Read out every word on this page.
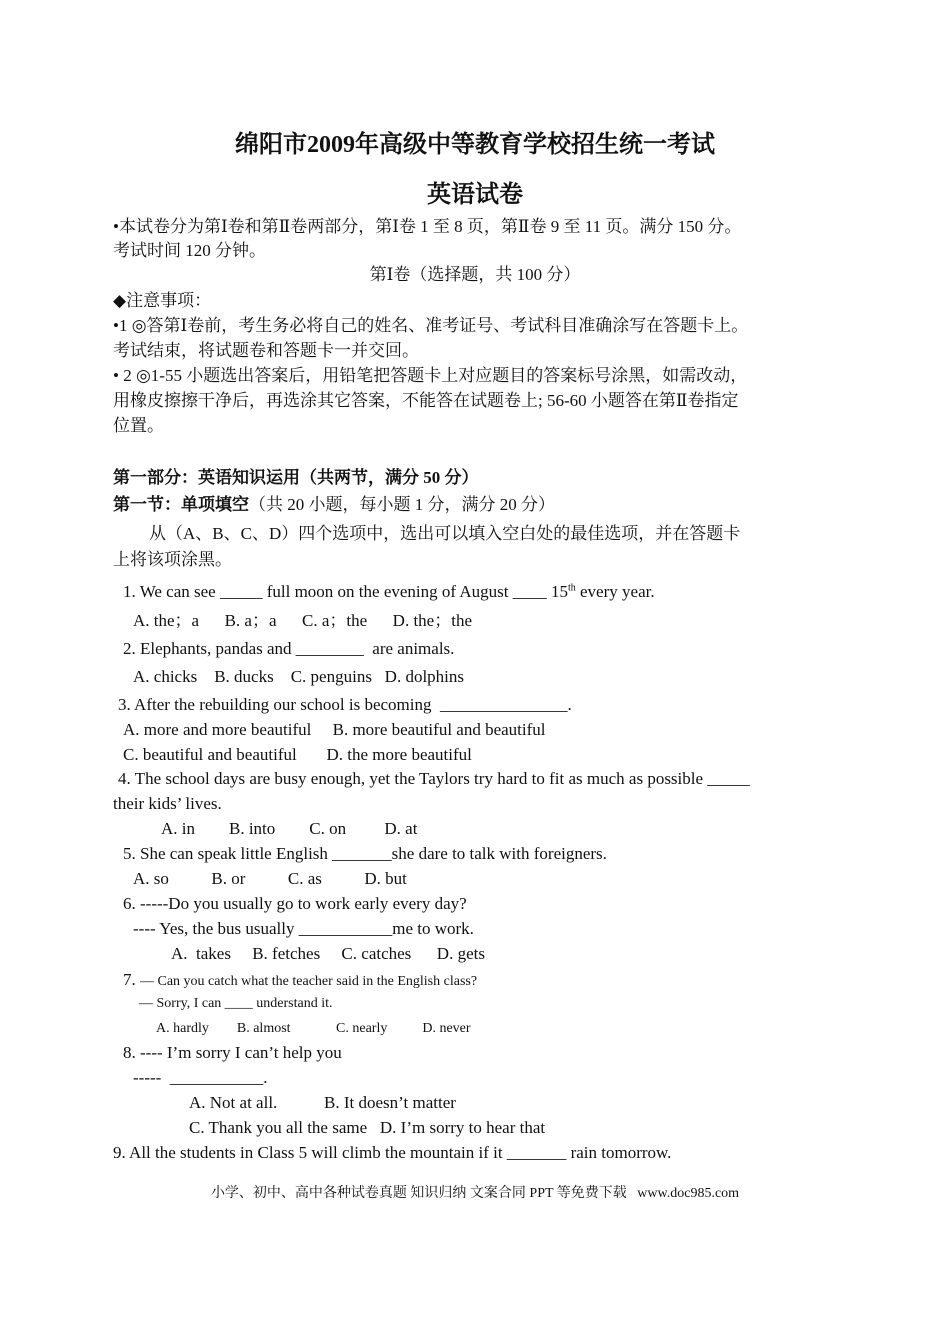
绵阳市2009年高级中等教育学校招生统一考试
英语试卷
•本试卷分为第Ⅰ卷和第Ⅱ卷两部分，第Ⅰ卷 1 至 8 页，第Ⅱ卷 9 至 11 页。满分 150 分。
考试时间 120 分钟。
第Ⅰ卷（选择题，共 100 分）
◆注意事项：
•1 ◎答第Ⅰ卷前，考生务必将自己的姓名、准考证号、考试科目准确涂写在答题卡上。
考试结束，将试题卷和答题卡一并交回。
• 2 ◎1-55 小题选出答案后，用铅笔把答题卡上对应题目的答案标号涂黑，如需改动，
用橡皮擦擦干净后，再选涂其它答案，不能答在试题卷上; 56-60 小题答在第Ⅱ卷指定
位置。
第一部分：英语知识运用（共两节，满分 50 分）
第一节：单项填空（共 20 小题，每小题 1 分，满分 20 分）
从（A、B、C、D）四个选项中，选出可以填入空白处的最佳选项，并在答题卡
上将该项涂黑。
1. We can see _____ full moon on the evening of August ____ 15th every year.
A. the；a      B. a；a      C. a；the      D. the；the
2. Elephants, pandas and ________  are animals.
A. chicks    B. ducks    C. penguins   D. dolphins
3. After the rebuilding our school is becoming  _______________.
A. more and more beautiful     B. more beautiful and beautiful
C. beautiful and beautiful       D. the more beautiful
4. The school days are busy enough, yet the Taylors try hard to fit as much as possible _____
their kids’ lives.
A. in        B. into        C. on         D. at
5. She can speak little English _______she dare to talk with foreigners.
A. so          B. or          C. as          D. but
6. -----Do you usually go to work early every day?
---- Yes, the bus usually ___________me to work.
A.  takes     B. fetches     C. catches      D. gets
7. — Can you catch what the teacher said in the English class?
— Sorry, I can ____ understand it.
A. hardly        B. almost             C. nearly          D. never
8. ---- I’m sorry I can’t help you
-----  ___________.
A. Not at all.           B. It doesn’t matter
C. Thank you all the same   D. I’m sorry to hear that
9. All the students in Class 5 will climb the mountain if it _______ rain tomorrow.
小学、初中、高中各种试卷真题 知识归纳 文案合同 PPT 等免费下载   www.doc985.com
